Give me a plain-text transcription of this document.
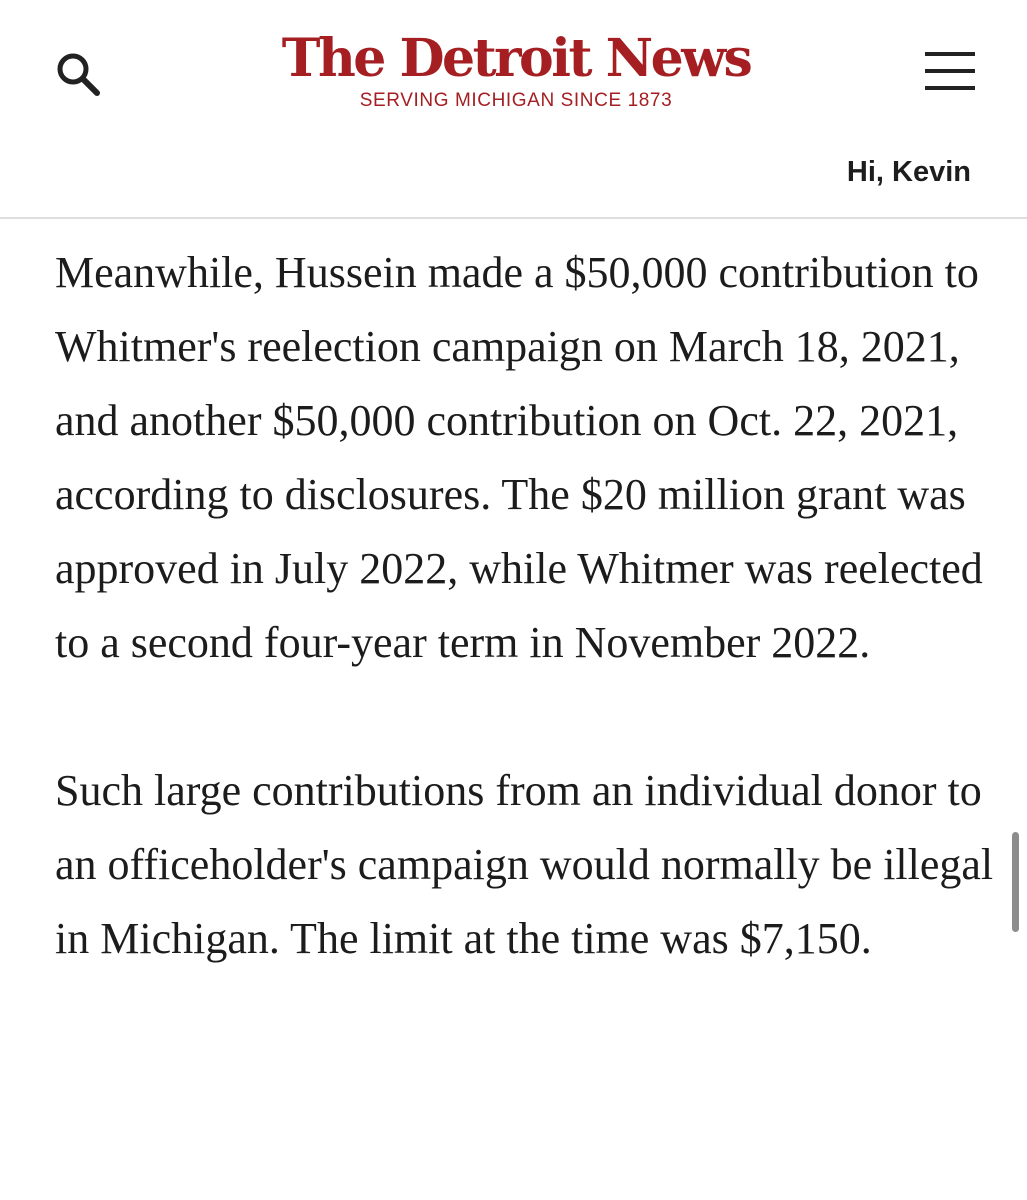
The Detroit News
SERVING MICHIGAN SINCE 1873
Hi, Kevin

Meanwhile, Hussein made a $50,000 contribution to Whitmer's reelection campaign on March 18, 2021, and another $50,000 contribution on Oct. 22, 2021, according to disclosures. The $20 million grant was approved in July 2022, while Whitmer was reelected to a second four-year term in November 2022.

Such large contributions from an individual donor to an officeholder's campaign would normally be illegal in Michigan. The limit at the time was $7,150.
